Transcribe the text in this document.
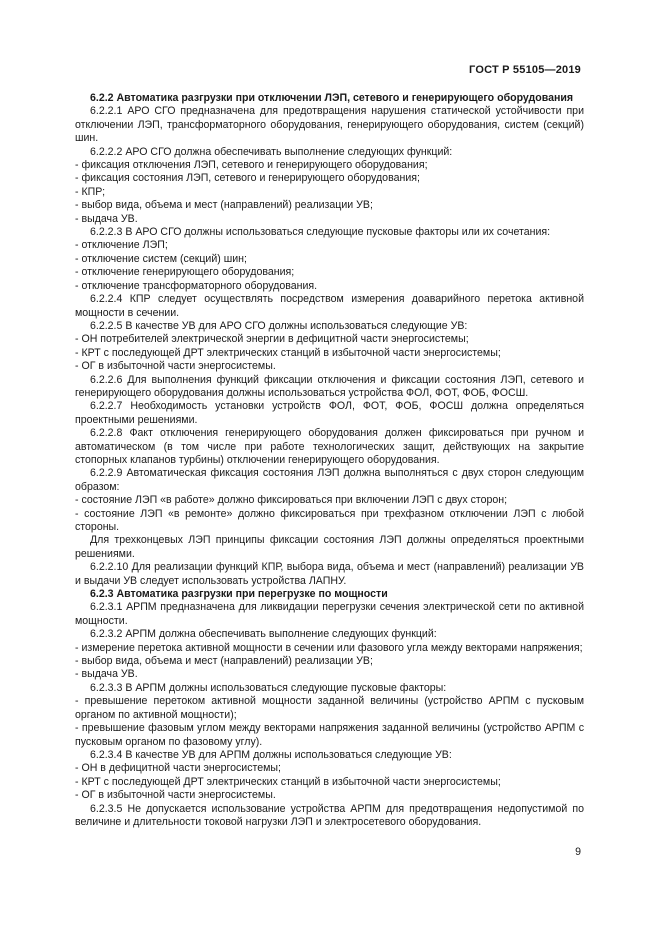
ГОСТ Р 55105—2019

6.2.2 Автоматика разгрузки при отключении ЛЭП, сетевого и генерирующего оборудования

6.2.2.1 АРО СГО предназначена для предотвращения нарушения статической устойчивости при отключении ЛЭП, трансформаторного оборудования, генерирующего оборудования, систем (секций) шин.

6.2.2.2 АРО СГО должна обеспечивать выполнение следующих функций:

- фиксация отключения ЛЭП, сетевого и генерирующего оборудования;

- фиксация состояния ЛЭП, сетевого и генерирующего оборудования;

- КПР;

- выбор вида, объема и мест (направлений) реализации УВ;

- выдача УВ.

6.2.2.3 В АРО СГО должны использоваться следующие пусковые факторы или их сочетания:

- отключение ЛЭП;

- отключение систем (секций) шин;

- отключение генерирующего оборудования;

- отключение трансформаторного оборудования.

6.2.2.4 КПР следует осуществлять посредством измерения доаварийного перетока активной мощности в сечении.

6.2.2.5 В качестве УВ для АРО СГО должны использоваться следующие УВ:

- ОН потребителей электрической энергии в дефицитной части энергосистемы;

- КРТ с последующей ДРТ электрических станций в избыточной части энергосистемы;

- ОГ в избыточной части энергосистемы.

6.2.2.6 Для выполнения функций фиксации отключения и фиксации состояния ЛЭП, сетевого и генерирующего оборудования должны использоваться устройства ФОЛ, ФОТ, ФОБ, ФОСШ.

6.2.2.7 Необходимость установки устройств ФОЛ, ФОТ, ФОБ, ФОСШ должна определяться проектными решениями.

6.2.2.8 Факт отключения генерирующего оборудования должен фиксироваться при ручном и автоматическом (в том числе при работе технологических защит, действующих на закрытие стопорных клапанов турбины) отключении генерирующего оборудования.

6.2.2.9 Автоматическая фиксация состояния ЛЭП должна выполняться с двух сторон следующим образом:

- состояние ЛЭП «в работе» должно фиксироваться при включении ЛЭП с двух сторон;

- состояние ЛЭП «в ремонте» должно фиксироваться при трехфазном отключении ЛЭП с любой стороны.

Для трехконцевых ЛЭП принципы фиксации состояния ЛЭП должны определяться проектными решениями.

6.2.2.10 Для реализации функций КПР, выбора вида, объема и мест (направлений) реализации УВ и выдачи УВ следует использовать устройства ЛАПНУ.

6.2.3 Автоматика разгрузки при перегрузке по мощности

6.2.3.1 АРПМ предназначена для ликвидации перегрузки сечения электрической сети по активной мощности.

6.2.3.2 АРПМ должна обеспечивать выполнение следующих функций:

- измерение перетока активной мощности в сечении или фазового угла между векторами напряжения;

- выбор вида, объема и мест (направлений) реализации УВ;

- выдача УВ.

6.2.3.3 В АРПМ должны использоваться следующие пусковые факторы:

- превышение перетоком активной мощности заданной величины (устройство АРПМ с пусковым органом по активной мощности);

- превышение фазовым углом между векторами напряжения заданной величины (устройство АРПМ с пусковым органом по фазовому углу).

6.2.3.4 В качестве УВ для АРПМ должны использоваться следующие УВ:

- ОН в дефицитной части энергосистемы;

- КРТ с последующей ДРТ электрических станций в избыточной части энергосистемы;

- ОГ в избыточной части энергосистемы.

6.2.3.5 Не допускается использование устройства АРПМ для предотвращения недопустимой по величине и длительности токовой нагрузки ЛЭП и электросетевого оборудования.

9
